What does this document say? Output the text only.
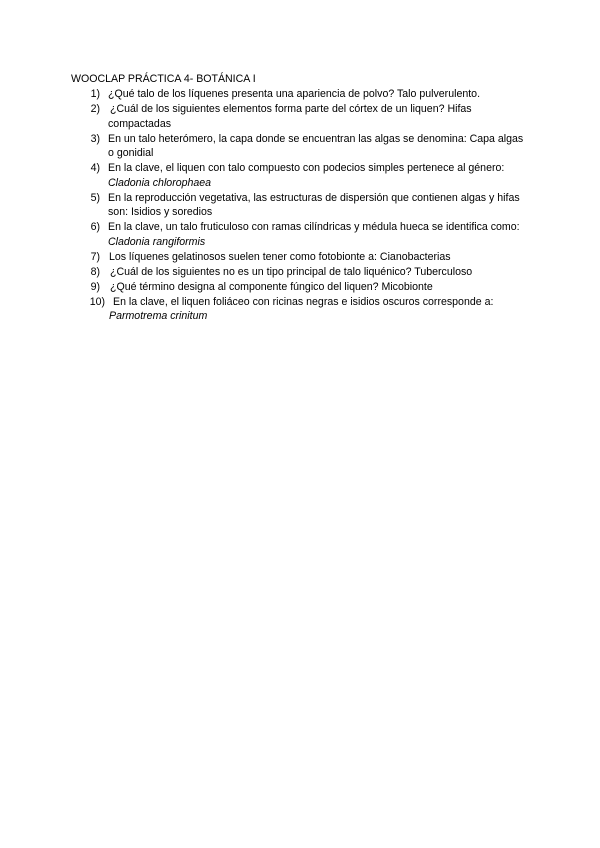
WOOCLAP PRÁCTICA 4- BOTÁNICA I
1) ¿Qué talo de los líquenes presenta una apariencia de polvo? Talo pulverulento.
2) ¿Cuál de los siguientes elementos forma parte del córtex de un liquen? Hifas compactadas
3) En un talo heterómero, la capa donde se encuentran las algas se denomina: Capa algas o gonidial
4) En la clave, el liquen con talo compuesto con podecios simples pertenece al género: Cladonia chlorophaea
5) En la reproducción vegetativa, las estructuras de dispersión que contienen algas y hifas son: Isidios y soredios
6) En la clave, un talo fruticuloso con ramas cilíndricas y médula hueca se identifica como: Cladonia rangiformis
7) Los líquenes gelatinosos suelen tener como fotobionte a: Cianobacterias
8) ¿Cuál de los siguientes no es un tipo principal de talo liquénico? Tuberculoso
9) ¿Qué término designa al componente fúngico del liquen? Micobionte
10) En la clave, el liquen foliáceo con ricinas negras e isidios oscuros corresponde a:
Parmotrema crinitum
